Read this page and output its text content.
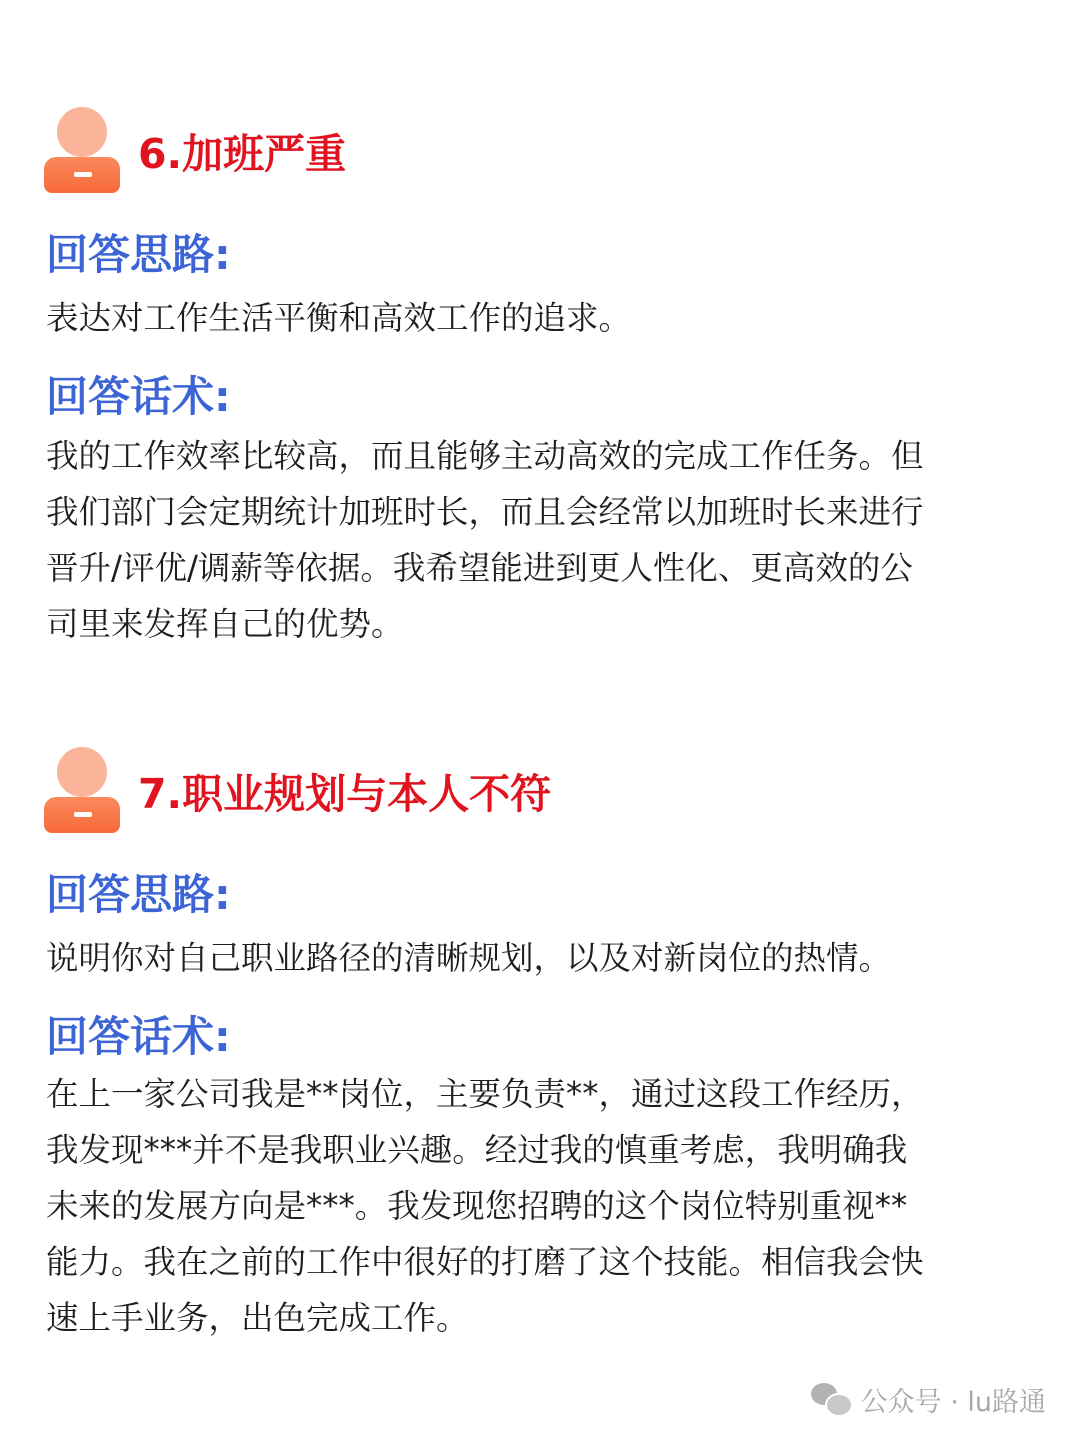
6.加班严重
回答思路:

表达对工作生活平衡和高效工作的追求。

回答话术:

我的工作效率比较高，而且能够主动高效的完成工作任务。但
我们部门会定期统计加班时长，而且会经常以加班时长来进行
晋升/评优/调薪等依据。我希望能进到更人性化、更高效的公
司里来发挥自己的优势。

7.职业规划与本人不符
回答思路:

说明你对自己职业路径的清晰规划，以及对新岗位的热情。

回答话术:

在上一家公司我是**岗位，主要负责**，通过这段工作经历，
我发现***并不是我职业兴趣。经过我的慎重考虑，我明确我
未来的发展方向是***。我发现您招聘的这个岗位特别重视**
能力。我在之前的工作中很好的打磨了这个技能。相信我会快
速上手业务，出色完成工作。

公众号 · lu路通
